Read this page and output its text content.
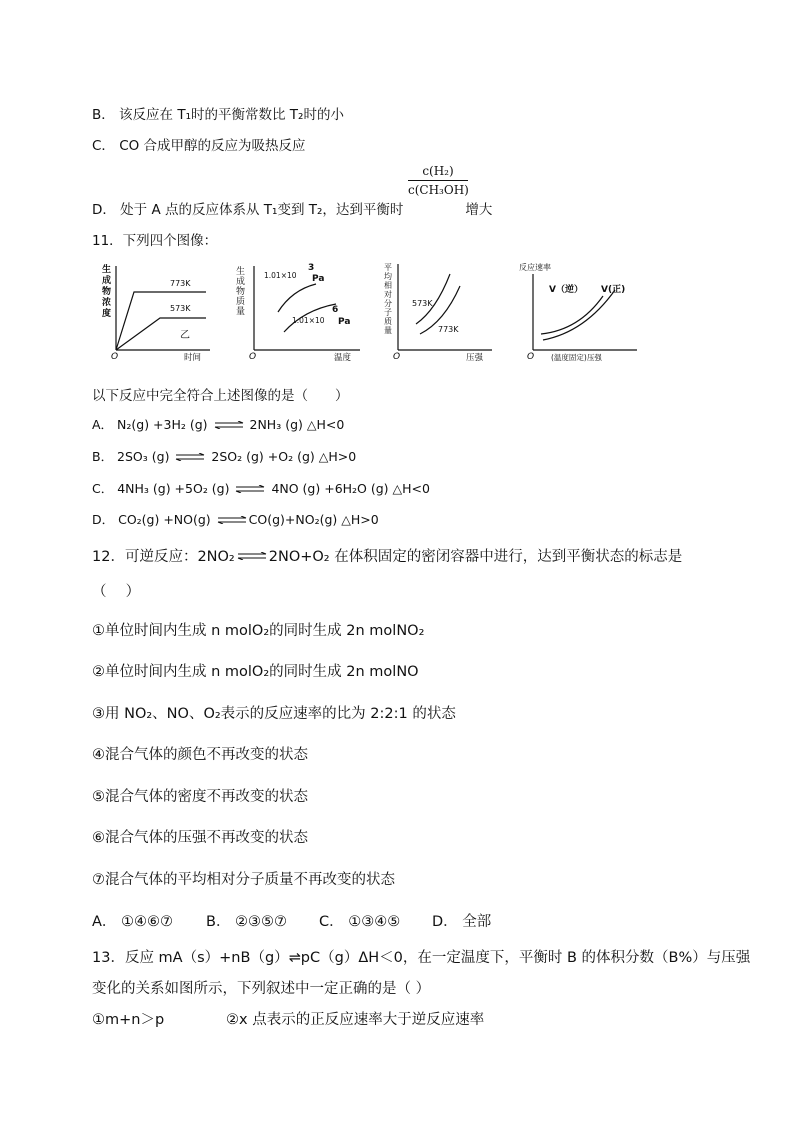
B． 该反应在 T₁时的平衡常数比 T₂时的小
C． CO 合成甲醇的反应为吸热反应
D． 处于 A 点的反应体系从 T₁变到 T₂，达到平衡时	增大
$\frac{\text{c(H₂)}}{\text{c(CH₃OH)}}$
11．下列四个图像：
生
成
物
浓
度
O	时间
773K
573K
乙
生
成
物
质
量
O	温度
1.01×10
3
Pa
1.01×10
6
Pa
平
均
相
对
分
子
质
量
O	压强
573K
773K
反 应 速 率
O (温度固定)压强
V（逆） V(正)
以下反应中完全符合上述图像的是（　　）
A． N₂(g) +3H₂ (g) ⇌ 2NH₃ (g) △H<0
B． 2SO₃ (g) ⇌ 2SO₂ (g) +O₂ (g) △H>0
C． 4NH₃ (g) +5O₂ (g) ⇌ 4NO (g) +6H₂O (g) △H<0
D． CO₂(g) +NO(g) ⇌CO(g)+NO₂(g) △H>0
12．可逆反应：2NO₂⇌2NO+O₂ 在体积固定的密闭容器中进行，达到平衡状态的标志是
（　 ）
①单位时间内生成 n molO₂的同时生成 2n molNO₂
②单位时间内生成 n molO₂的同时生成 2n molNO
③用 NO₂、NO、O₂表示的反应速率的比为 2:2:1 的状态
④混合气体的颜色不再改变的状态
⑤混合气体的密度不再改变的状态
⑥混合气体的压强不再改变的状态
⑦混合气体的平均相对分子质量不再改变的状态
A． ①④⑥⑦ B． ②③⑤⑦ C． ①③④⑤ D． 全部
13．反应 mA（s）+nB（g）⇌pC（g）ΔH＜0，在一定温度下，平衡时 B 的体积分数（B%）与压强
变化的关系如图所示，下列叙述中一定正确的是（ ）
①m+n＞p	②x 点表示的正反应速率大于逆反应速率
